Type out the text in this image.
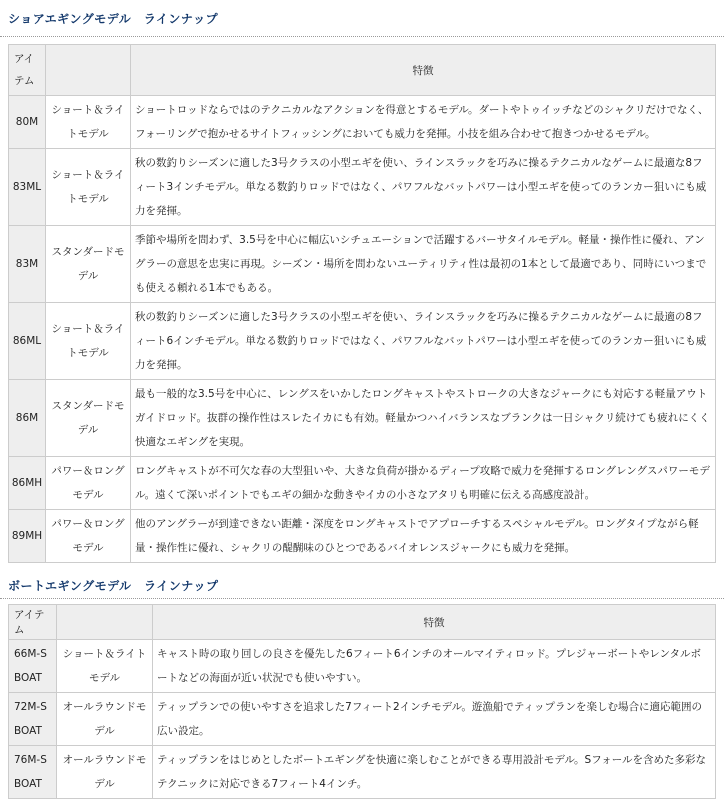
ショアエギングモデル　ラインナップ
アイテム		特徴
80M	ショート＆ライトモデル	ショートロッドならではのテクニカルなアクションを得意とするモデル。ダートやトゥイッチなどのシャクリだけでなく、フォーリングで抱かせるサイトフィッシングにおいても威力を発揮。小技を組み合わせて抱きつかせるモデル。
83ML	ショート＆ライトモデル	秋の数釣りシーズンに適した3号クラスの小型エギを使い、ラインスラックを巧みに操るテクニカルなゲームに最適な8フィート3インチモデル。単なる数釣りロッドではなく、パワフルなバットパワーは小型エギを使ってのランカー狙いにも威力を発揮。
83M	スタンダードモデル	季節や場所を問わず、3.5号を中心に幅広いシチュエーションで活躍するバーサタイルモデル。軽量・操作性に優れ、アングラーの意思を忠実に再現。シーズン・場所を問わないユーティリティ性は最初の1本として最適であり、同時にいつまでも使える頼れる1本でもある。
86ML	ショート＆ライトモデル	秋の数釣りシーズンに適した3号クラスの小型エギを使い、ラインスラックを巧みに操るテクニカルなゲームに最適の8フィート6インチモデル。単なる数釣りロッドではなく、パワフルなバットパワーは小型エギを使ってのランカー狙いにも威力を発揮。
86M	スタンダードモデル	最も一般的な3.5号を中心に、レングスをいかしたロングキャストやストロークの大きなジャークにも対応する軽量アウトガイドロッド。抜群の操作性はスレたイカにも有効。軽量かつハイバランスなブランクは一日シャクリ続けても疲れにくく快適なエギングを実現。
86MH	パワー＆ロングモデル	ロングキャストが不可欠な春の大型狙いや、大きな負荷が掛かるディープ攻略で威力を発揮するロングレングスパワーモデル。遠くて深いポイントでもエギの細かな動きやイカの小さなアタリも明確に伝える高感度設計。
89MH	パワー＆ロングモデル	他のアングラーが到達できない距離・深度をロングキャストでアプローチするスペシャルモデル。ロングタイプながら軽量・操作性に優れ、シャクリの醍醐味のひとつであるバイオレンスジャークにも威力を発揮。
ボートエギングモデル　ラインナップ
アイテム		特徴
66M-S BOAT	ショート＆ライトモデル	キャスト時の取り回しの良さを優先した6フィート6インチのオールマイティロッド。プレジャーボートやレンタルボートなどの海面が近い状況でも使いやすい。
72M-S BOAT	オールラウンドモデル	ティップランでの使いやすさを追求した7フィート2インチモデル。遊漁船でティップランを楽しむ場合に適応範囲の広い設定。
76M-S BOAT	オールラウンドモデル	ティップランをはじめとしたボートエギングを快適に楽しむことができる専用設計モデル。Sフォールを含めた多彩なテクニックに対応できる7フィート4インチ。
